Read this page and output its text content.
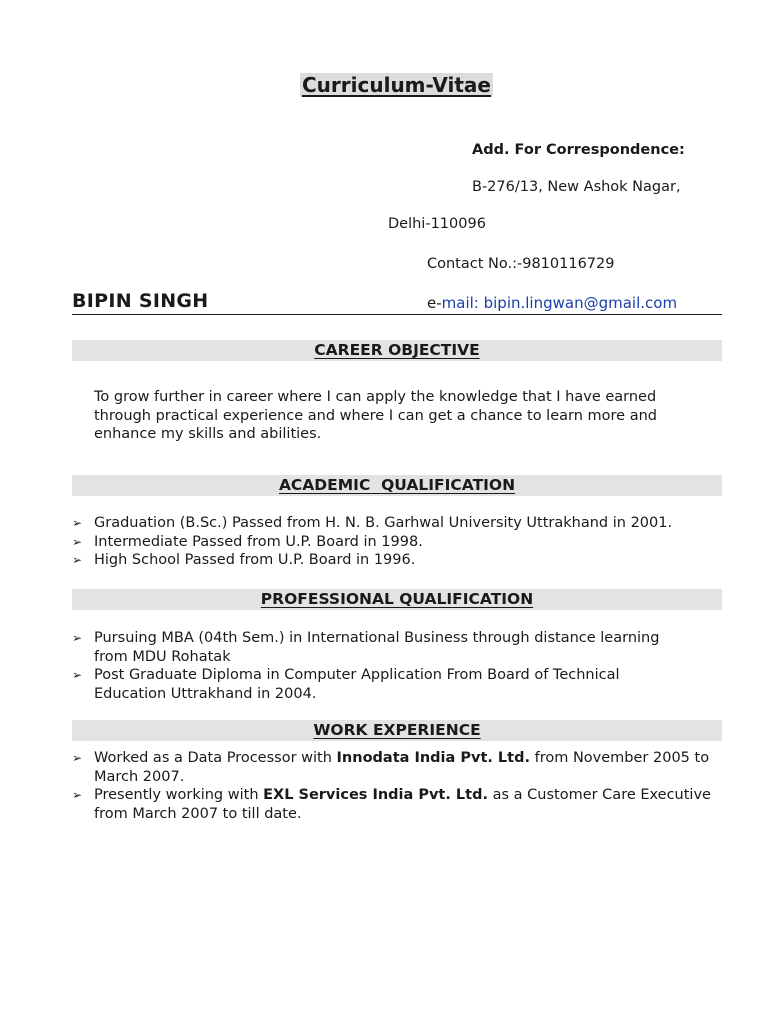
Curriculum-Vitae
Add. For Correspondence:
B-276/13, New Ashok Nagar,
Delhi-110096
Contact No.:-9810116729
BIPIN SINGH	e-mail: bipin.lingwan@gmail.com
CAREER OBJECTIVE
To grow further in career where I can apply the knowledge that I have earned
through practical experience and where I can get a chance to learn more and
enhance my skills and abilities.
ACADEMIC  QUALIFICATION
➢ Graduation (B.Sc.) Passed from H. N. B. Garhwal University Uttrakhand in 2001.
➢ Intermediate Passed from U.P. Board in 1998.
➢ High School Passed from U.P. Board in 1996.
PROFESSIONAL QUALIFICATION
➢ Pursuing MBA (04th Sem.) in International Business through distance learning from MDU Rohatak
➢ Post Graduate Diploma in Computer Application From Board of Technical Education Uttrakhand in 2004.
WORK EXPERIENCE
➢ Worked as a Data Processor with Innodata India Pvt. Ltd. from November 2005 to March 2007.
➢ Presently working with EXL Services India Pvt. Ltd. as a Customer Care Executive from March 2007 to till date.
